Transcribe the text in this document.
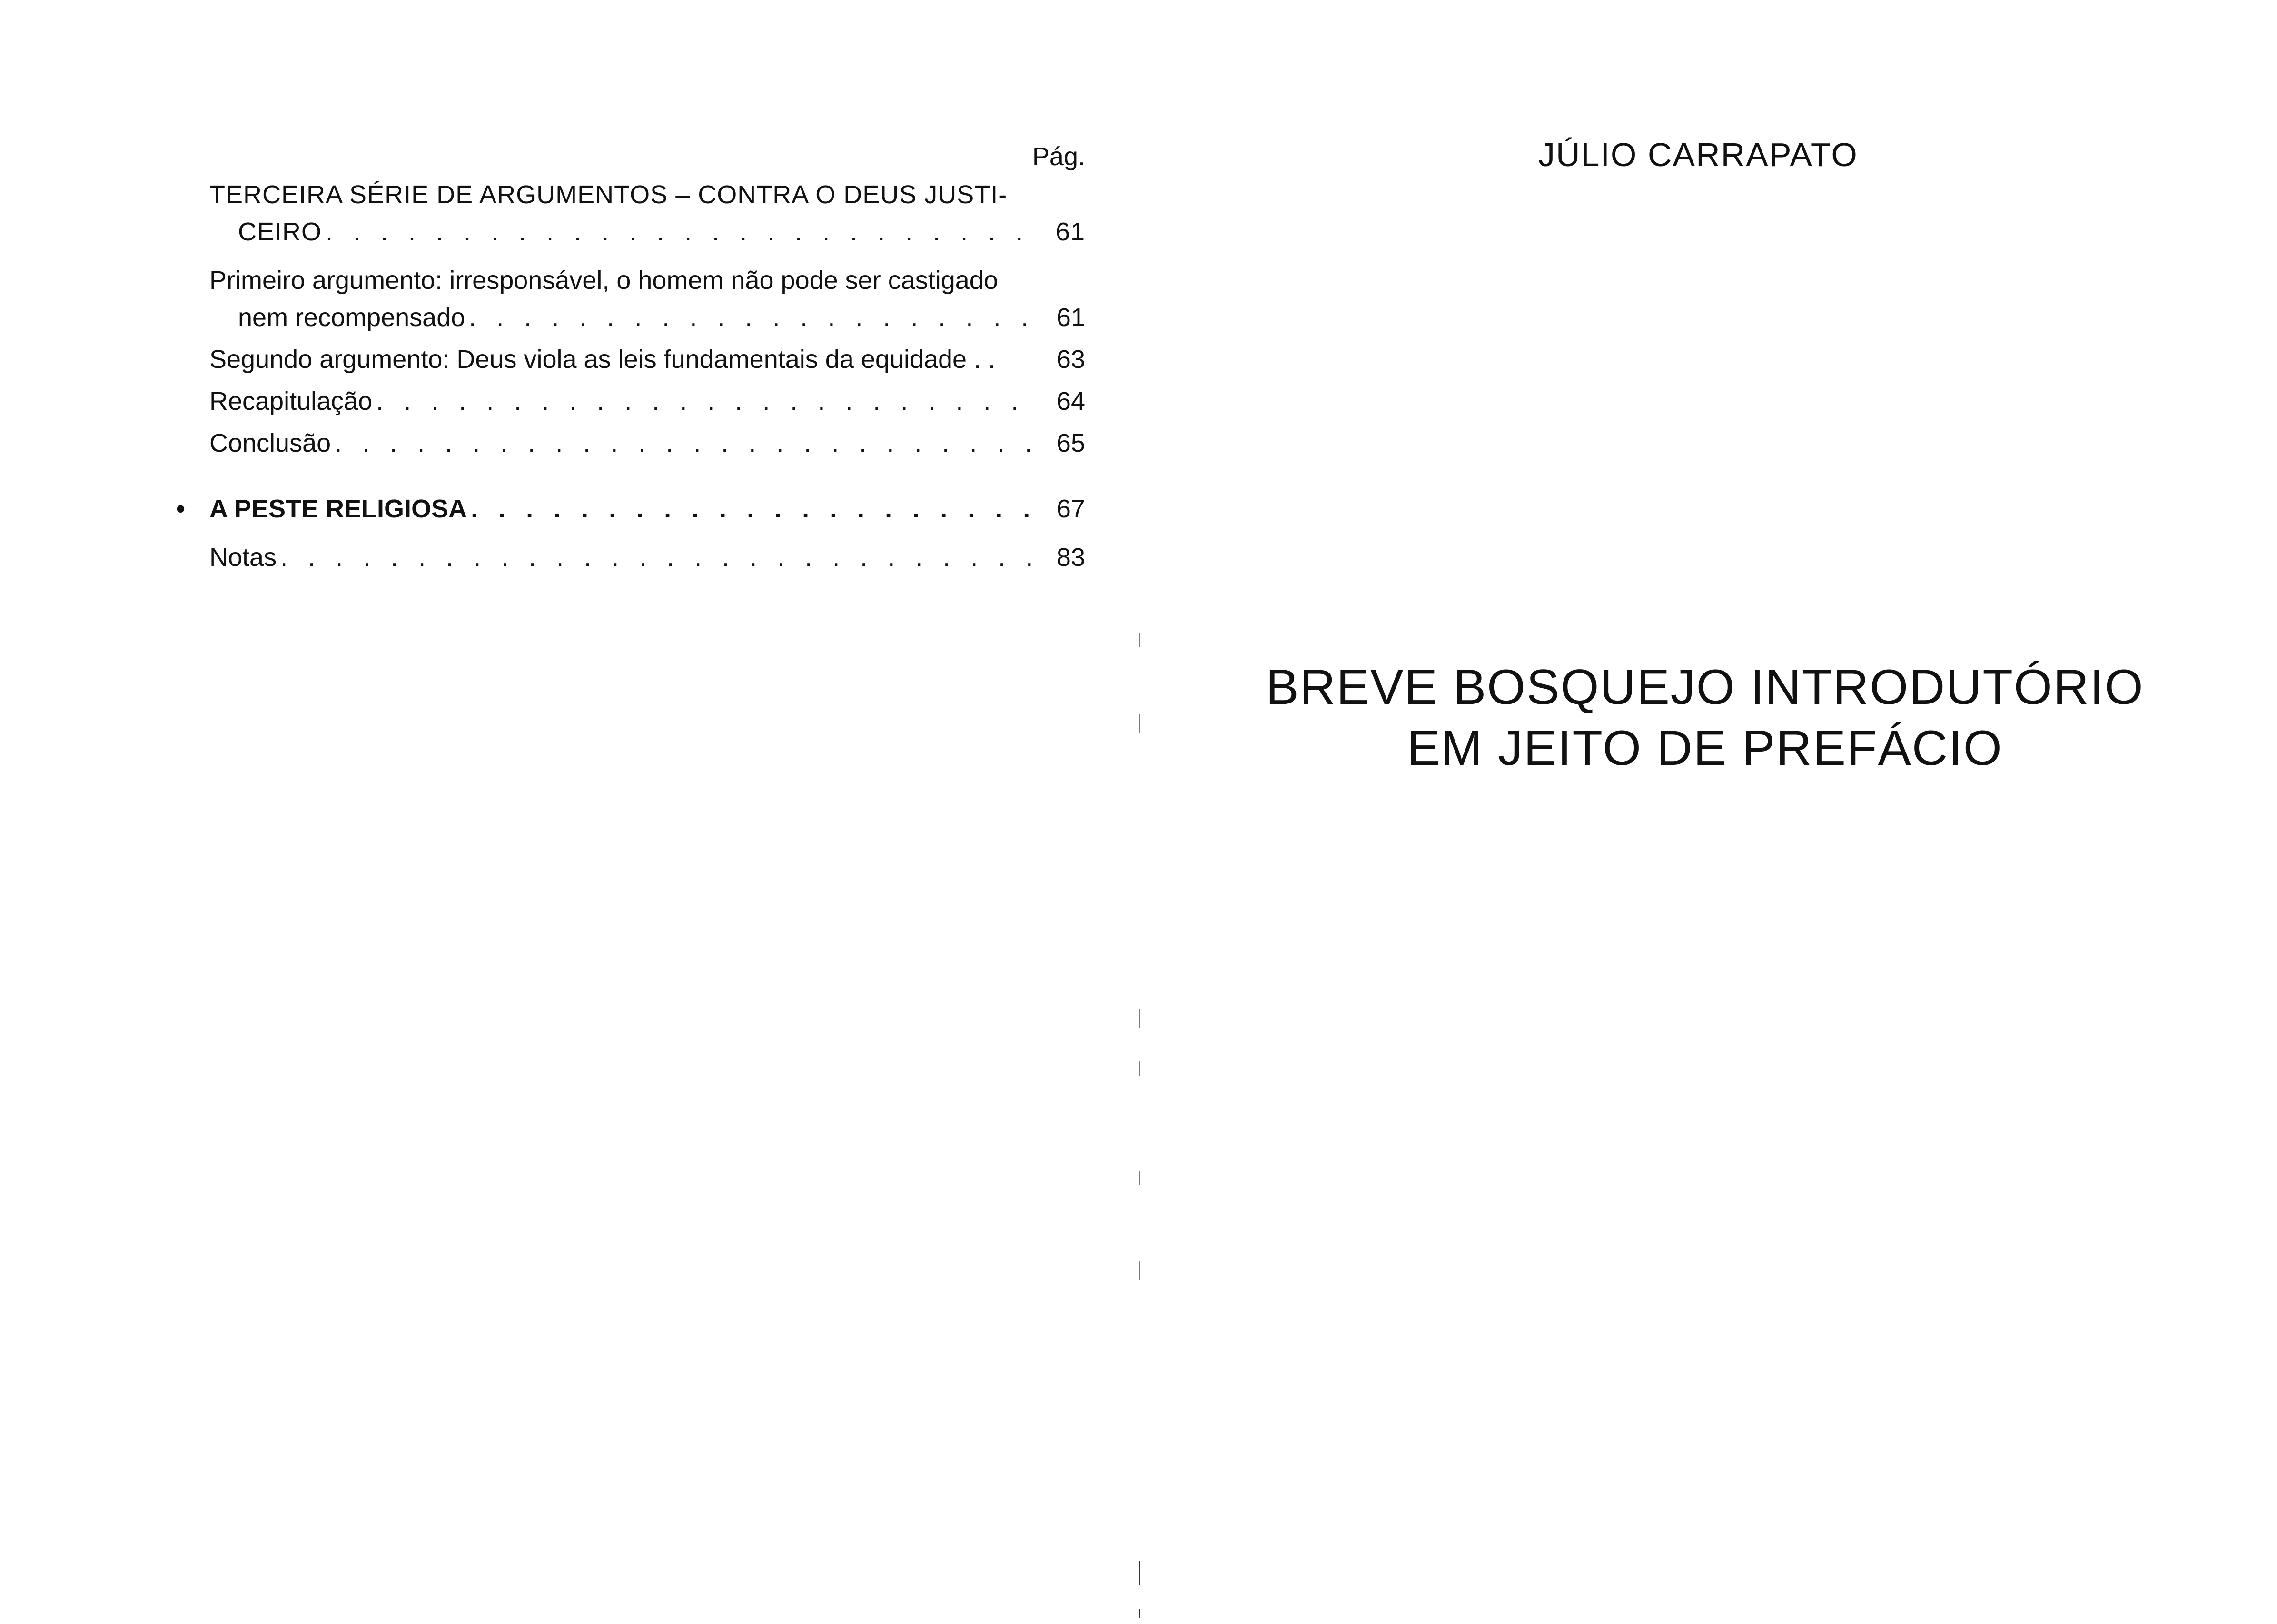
Pág.
TERCEIRA SÉRIE DE ARGUMENTOS – CONTRA O DEUS JUSTI-
CEIRO . . .	61
Primeiro argumento: irresponsável, o homem não pode ser castigado
nem recompensado . . .	61
Segundo argumento: Deus viola as leis fundamentais da equidade . .	63
Recapitulação . . .	64
Conclusão . . .	65
• A PESTE RELIGIOSA . . .	67
Notas . . .	83
JÚLIO CARRAPATO
BREVE BOSQUEJO INTRODUTÓRIO
EM JEITO DE PREFÁCIO
